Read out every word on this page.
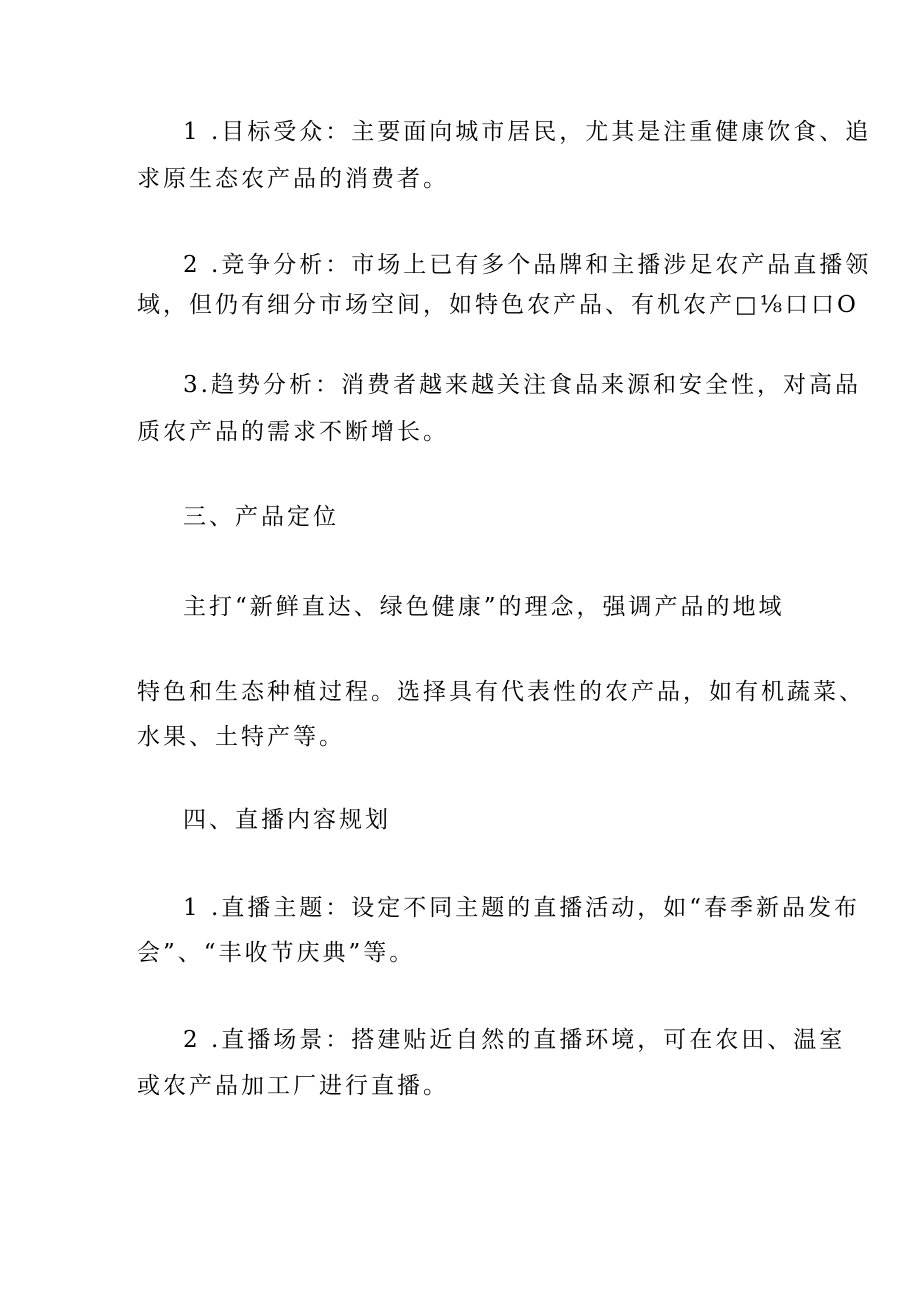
1 .目标受众：主要面向城市居民，尤其是注重健康饮食、追

求原生态农产品的消费者。

2 .竞争分析：市场上已有多个品牌和主播涉足农产品直播领

域，但仍有细分市场空间，如特色农产品、有机农产□⅛口口O

3.趋势分析：消费者越来越关注食品来源和安全性，对高品

质农产品的需求不断增长。

三、产品定位

主打“新鲜直达、绿色健康”的理念，强调产品的地域

特色和生态种植过程。选择具有代表性的农产品，如有机蔬菜、

水果、土特产等。

四、直播内容规划

1 .直播主题：设定不同主题的直播活动，如“春季新品发布

会”、“丰收节庆典”等。

2 .直播场景：搭建贴近自然的直播环境，可在农田、温室

或农产品加工厂进行直播。
